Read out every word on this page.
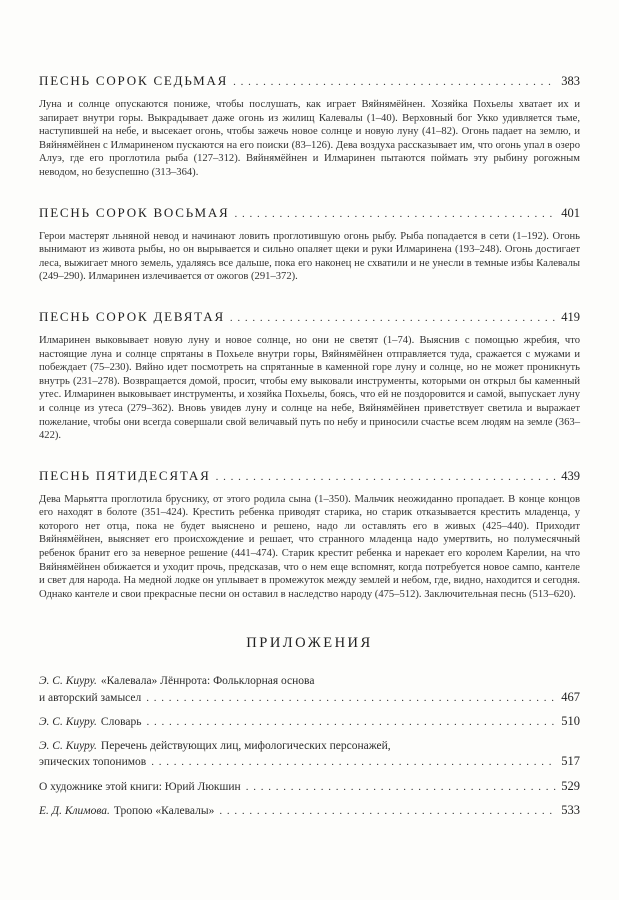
ПЕСНЬ СОРОК СЕДЬМАЯ . . .	383

Луна и солнце опускаются пониже, чтобы послушать, как играет Вяйнямёйнен. Хозяйка Похьелы хватает их и запирает внутри горы. Выкрадывает даже огонь из жилищ Калевалы (1–40). Верховный бог Укко удивляется тьме, наступившей на небе, и высекает огонь, чтобы зажечь новое солнце и новую луну (41–82). Огонь падает на землю, и Вяйнямёйнен с Илмариненом пускаются на его поиски (83–126). Дева воздуха рассказывает им, что огонь упал в озеро Алуэ, где его проглотила рыба (127–312). Вяйнямёйнен и Илмаринен пытаются поймать эту рыбину рогожным неводом, но безуспешно (313–364).

ПЕСНЬ СОРОК ВОСЬМАЯ . . .	401

Герои мастерят льняной невод и начинают ловить проглотившую огонь рыбу. Рыба попадается в сети (1–192). Огонь вынимают из живота рыбы, но он вырывается и сильно опаляет щеки и руки Илмаринена (193–248). Огонь достигает леса, выжигает много земель, удаляясь все дальше, пока его наконец не схватили и не унесли в темные избы Калевалы (249–290). Илмаринен излечивается от ожогов (291–372).

ПЕСНЬ СОРОК ДЕВЯТАЯ . . .	419

Илмаринен выковывает новую луну и новое солнце, но они не светят (1–74). Выяснив с помощью жребия, что настоящие луна и солнце спрятаны в Похьеле внутри горы, Вяйнямёйнен отправляется туда, сражается с мужами и побеждает (75–230). Вяйно идет посмотреть на спрятанные в каменной горе луну и солнце, но не может проникнуть внутрь (231–278). Возвращается домой, просит, чтобы ему выковали инструменты, которыми он открыл бы каменный утес. Илмаринен выковывает инструменты, и хозяйка Похьелы, боясь, что ей не поздоровится и самой, выпускает луну и солнце из утеса (279–362). Вновь увидев луну и солнце на небе, Вяйнямёйнен приветствует светила и выражает пожелание, чтобы они всегда совершали свой величавый путь по небу и приносили счастье всем людям на земле (363–422).

ПЕСНЬ ПЯТИДЕСЯТАЯ . . .	439

Дева Марьятта проглотила бруснику, от этого родила сына (1–350). Мальчик неожиданно пропадает. В конце концов его находят в болоте (351–424). Крестить ребенка приводят старика, но старик отказывается крестить младенца, у которого нет отца, пока не будет выяснено и решено, надо ли оставлять его в живых (425–440). Приходит Вяйнямёйнен, выясняет его происхождение и решает, что странного младенца надо умертвить, но полумесячный ребенок бранит его за неверное решение (441–474). Старик крестит ребенка и нарекает его королем Карелии, на что Вяйнямёйнен обижается и уходит прочь, предсказав, что о нем еще вспомнят, когда потребуется новое сампо, кантеле и свет для народа. На медной лодке он уплывает в промежуток между землей и небом, где, видно, находится и сегодня. Однако кантеле и свои прекрасные песни он оставил в наследство народу (475–512). Заключительная песнь (513–620).

ПРИЛОЖЕНИЯ
Э. С. Киуру. «Калевала» Лённрота: Фольклорная основа
и авторский замысел . . .	467
Э. С. Киуру. Словарь . . .	510
Э. С. Киуру. Перечень действующих лиц, мифологических персонажей,
эпических топонимов . . .	517
О художнике этой книги: Юрий Люкшин . . .	529
Е. Д. Климова. Тропою «Калевалы» . . .	533
